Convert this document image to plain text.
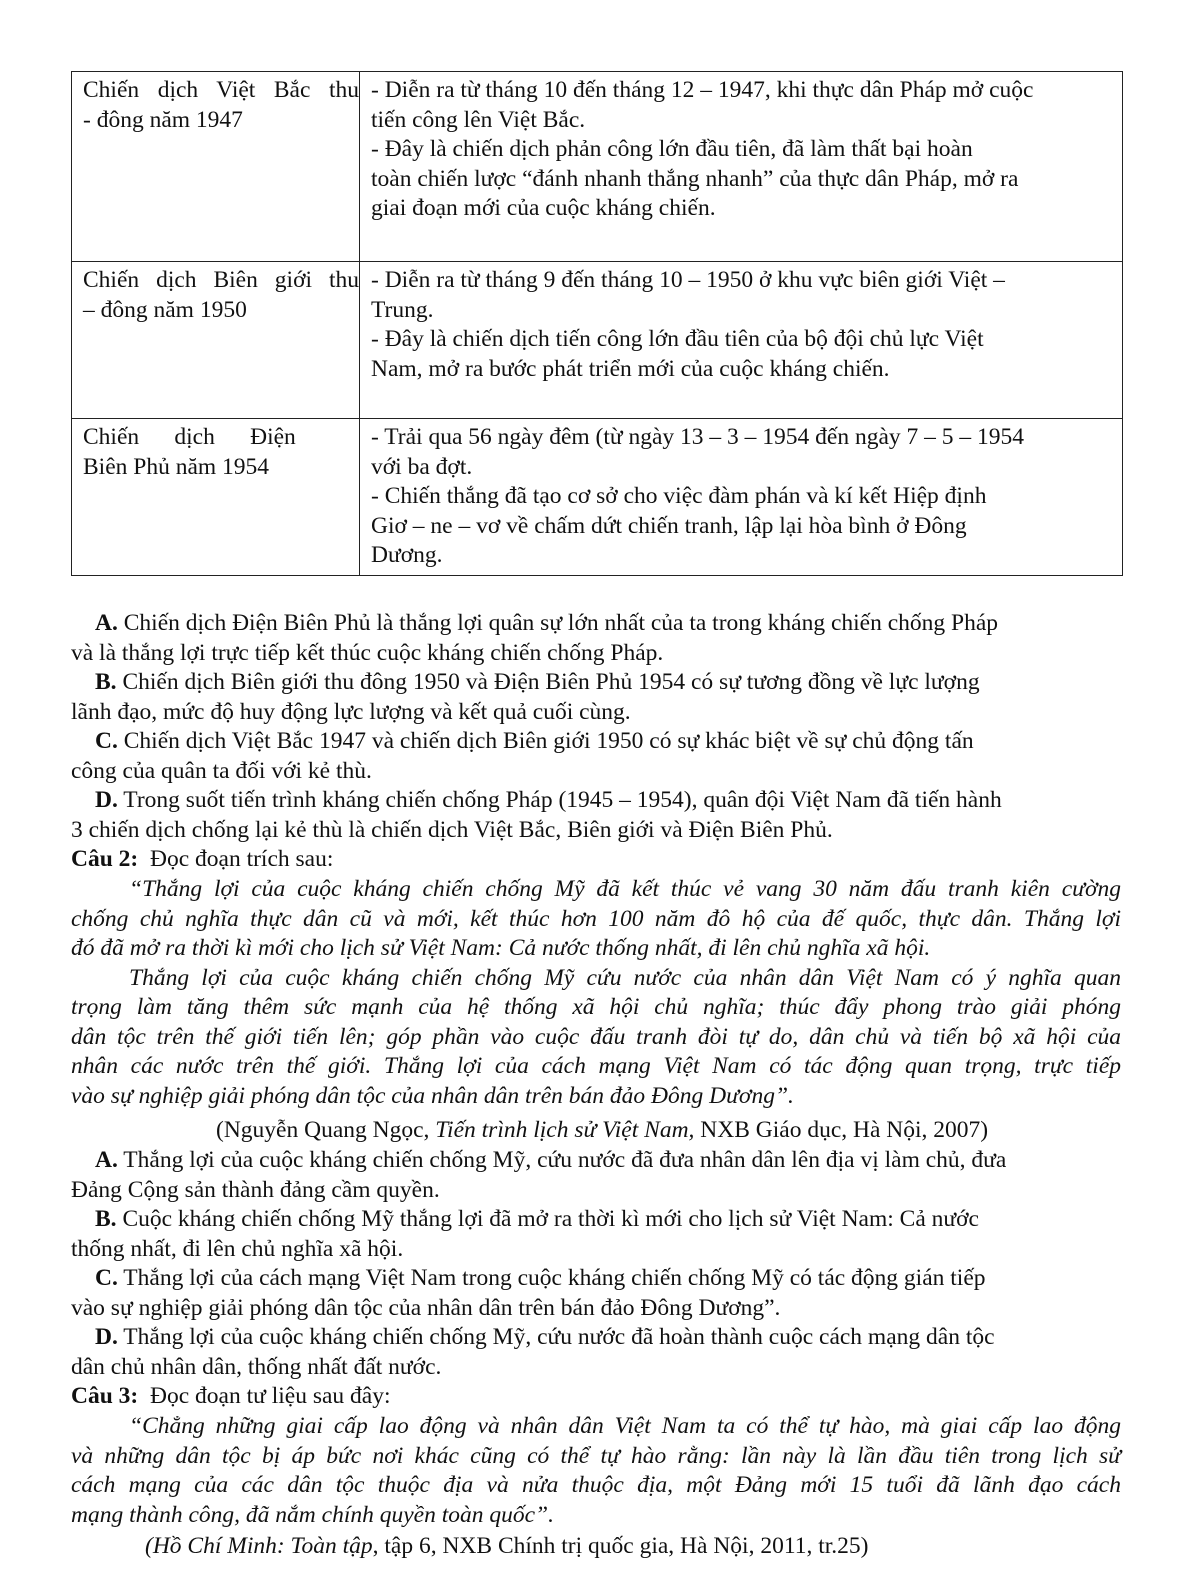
Chiến dịch Việt Bắc thu
- đông năm 1947	- Diễn ra từ tháng 10 đến tháng 12 – 1947, khi thực dân Pháp mở cuộc
tiến công lên Việt Bắc.
- Đây là chiến dịch phản công lớn đầu tiên, đã làm thất bại hoàn
toàn chiến lược “đánh nhanh thắng nhanh” của thực dân Pháp, mở ra
giai đoạn mới của cuộc kháng chiến.

Chiến dịch Biên giới thu
– đông năm 1950	- Diễn ra từ tháng 9 đến tháng 10 – 1950 ở khu vực biên giới Việt –
Trung.
- Đây là chiến dịch tiến công lớn đầu tiên của bộ đội chủ lực Việt
Nam, mở ra bước phát triển mới của cuộc kháng chiến.

Chiến      dịch      Điện
Biên Phủ năm 1954	- Trải qua 56 ngày đêm (từ ngày 13 – 3 – 1954 đến ngày 7 – 5 – 1954
với ba đợt.
- Chiến thắng đã tạo cơ sở cho việc đàm phán và kí kết Hiệp định
Giơ – ne – vơ về chấm dứt chiến tranh, lập lại hòa bình ở Đông
Dương.
A. Chiến dịch Điện Biên Phủ là thắng lợi quân sự lớn nhất của ta trong kháng chiến chống Pháp
và là thắng lợi trực tiếp kết thúc cuộc kháng chiến chống Pháp.
B. Chiến dịch Biên giới thu đông 1950 và Điện Biên Phủ 1954 có sự tương đồng về lực lượng
lãnh đạo, mức độ huy động lực lượng và kết quả cuối cùng.
C. Chiến dịch Việt Bắc 1947 và chiến dịch Biên giới 1950 có sự khác biệt về sự chủ động tấn
công của quân ta đối với kẻ thù.
D. Trong suốt tiến trình kháng chiến chống Pháp (1945 – 1954), quân đội Việt Nam đã tiến hành
3 chiến dịch chống lại kẻ thù là chiến dịch Việt Bắc, Biên giới và Điện Biên Phủ.
Câu 2:  Đọc đoạn trích sau:
“Thắng lợi của cuộc kháng chiến chống Mỹ đã kết thúc vẻ vang 30 năm đấu tranh kiên cường
chống chủ nghĩa thực dân cũ và mới, kết thúc hơn 100 năm đô hộ của đế quốc, thực dân. Thắng lợi
đó đã mở ra thời kì mới cho lịch sử Việt Nam: Cả nước thống nhất, đi lên chủ nghĩa xã hội.
Thắng lợi của cuộc kháng chiến chống Mỹ cứu nước của nhân dân Việt Nam có ý nghĩa quan
trọng làm tăng thêm sức mạnh của hệ thống xã hội chủ nghĩa; thúc đẩy phong trào giải phóng
dân tộc trên thế giới tiến lên; góp phần vào cuộc đấu tranh đòi tự do, dân chủ và tiến bộ xã hội của
nhân các nước trên thế giới. Thắng lợi của cách mạng Việt Nam có tác động quan trọng, trực tiếp
vào sự nghiệp giải phóng dân tộc của nhân dân trên bán đảo Đông Dương”.
(Nguyễn Quang Ngọc, Tiến trình lịch sử Việt Nam, NXB Giáo dục, Hà Nội, 2007)
A. Thắng lợi của cuộc kháng chiến chống Mỹ, cứu nước đã đưa nhân dân lên địa vị làm chủ, đưa
Đảng Cộng sản thành đảng cầm quyền.
B. Cuộc kháng chiến chống Mỹ thắng lợi đã mở ra thời kì mới cho lịch sử Việt Nam: Cả nước
thống nhất, đi lên chủ nghĩa xã hội.
C. Thắng lợi của cách mạng Việt Nam trong cuộc kháng chiến chống Mỹ có tác động gián tiếp
vào sự nghiệp giải phóng dân tộc của nhân dân trên bán đảo Đông Dương”.
D. Thắng lợi của cuộc kháng chiến chống Mỹ, cứu nước đã hoàn thành cuộc cách mạng dân tộc
dân chủ nhân dân, thống nhất đất nước.
Câu 3:  Đọc đoạn tư liệu sau đây:
“Chẳng những giai cấp lao động và nhân dân Việt Nam ta có thể tự hào, mà giai cấp lao động
và những dân tộc bị áp bức nơi khác cũng có thể tự hào rằng: lần này là lần đầu tiên trong lịch sử
cách mạng của các dân tộc thuộc địa và nửa thuộc địa, một Đảng mới 15 tuổi đã lãnh đạo cách
mạng thành công, đã nắm chính quyền toàn quốc”.
(Hồ Chí Minh: Toàn tập, tập 6, NXB Chính trị quốc gia, Hà Nội, 2011, tr.25)
